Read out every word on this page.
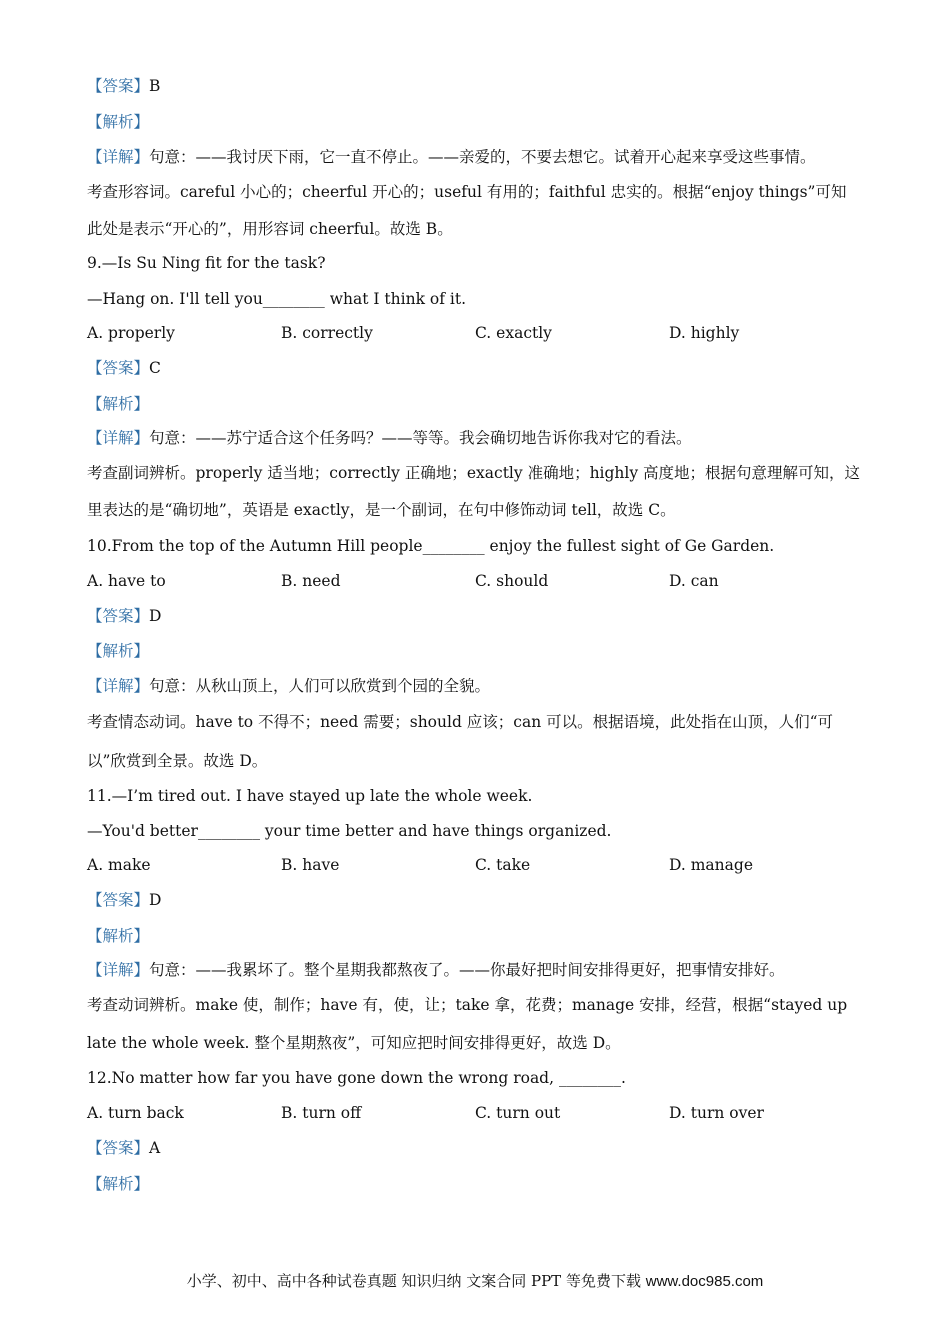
【答案】B
【解析】
【详解】句意：——我讨厌下雨，它一直不停止。——亲爱的，不要去想它。试着开心起来享受这些事情。
考查形容词。careful 小心的；cheerful 开心的；useful 有用的；faithful 忠实的。根据“enjoy things”可知
此处是表示“开心的”，用形容词 cheerful。故选 B。
9.—Is Su Ning fit for the task?
—Hang on. I'll tell you________ what I think of it.
A. properly	B. correctly	C. exactly	D. highly
【答案】C
【解析】
【详解】句意：——苏宁适合这个任务吗？——等等。我会确切地告诉你我对它的看法。
考查副词辨析。properly 适当地；correctly 正确地；exactly 准确地；highly 高度地；根据句意理解可知，这
里表达的是“确切地”，英语是 exactly，是一个副词，在句中修饰动词 tell，故选 C。
10.From the top of the Autumn Hill people________ enjoy the fullest sight of Ge Garden.
A. have to	B. need	C. should	D. can
【答案】D
【解析】
【详解】句意：从秋山顶上，人们可以欣赏到个园的全貌。
考查情态动词。have to 不得不；need 需要；should 应该；can 可以。根据语境，此处指在山顶，人们“可
以”欣赏到全景。故选 D。
11.—I’m tired out. I have stayed up late the whole week.
—You'd better________ your time better and have things organized.
A. make	B. have	C. take	D. manage
【答案】D
【解析】
【详解】句意：——我累坏了。整个星期我都熬夜了。——你最好把时间安排得更好，把事情安排好。
考查动词辨析。make 使，制作；have 有，使，让；take 拿，花费；manage 安排，经营，根据“stayed up
late the whole week. 整个星期熬夜”，可知应把时间安排得更好，故选 D。
12.No matter how far you have gone down the wrong road, ________.
A. turn back	B. turn off	C. turn out	D. turn over
【答案】A
【解析】
小学、初中、高中各种试卷真题 知识归纳 文案合同 PPT 等免费下载 www.doc985.com
